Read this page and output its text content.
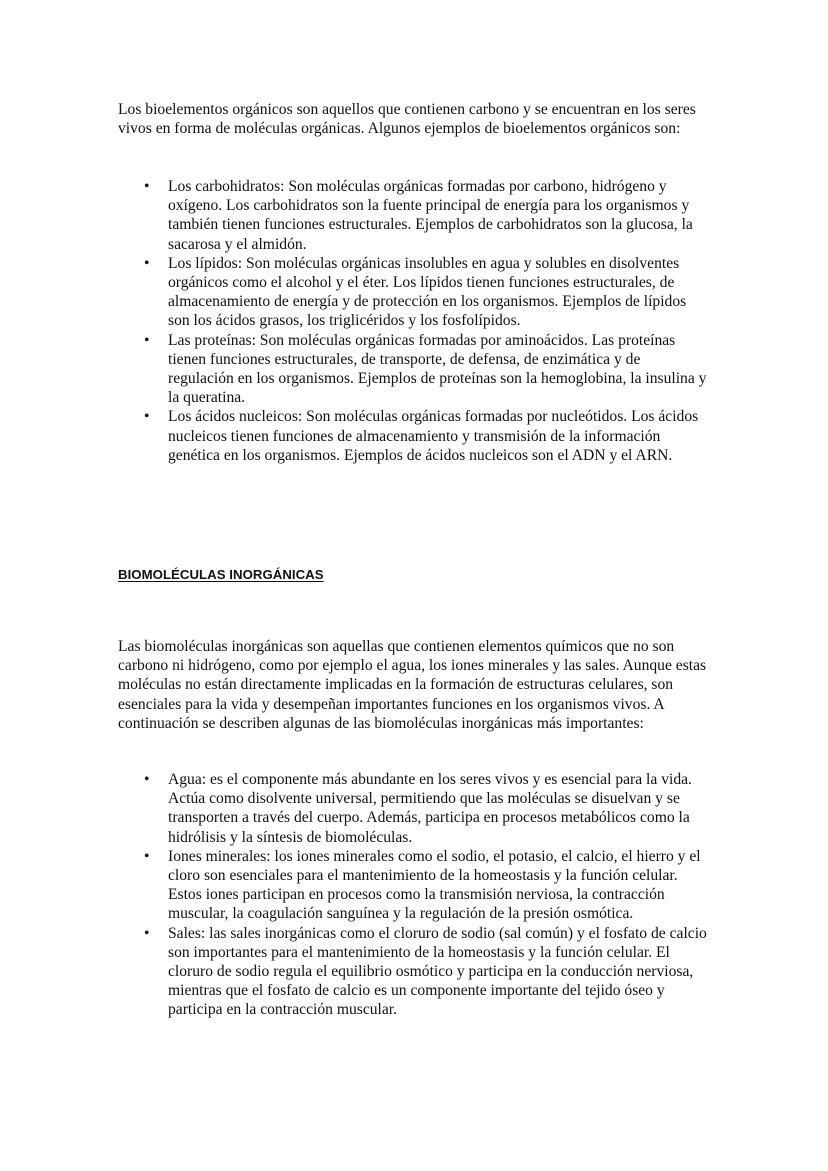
Los bioelementos orgánicos son aquellos que contienen carbono y se encuentran en los seres vivos en forma de moléculas orgánicas. Algunos ejemplos de bioelementos orgánicos son:

• Los carbohidratos: Son moléculas orgánicas formadas por carbono, hidrógeno y oxígeno. Los carbohidratos son la fuente principal de energía para los organismos y también tienen funciones estructurales. Ejemplos de carbohidratos son la glucosa, la sacarosa y el almidón.
• Los lípidos: Son moléculas orgánicas insolubles en agua y solubles en disolventes orgánicos como el alcohol y el éter. Los lípidos tienen funciones estructurales, de almacenamiento de energía y de protección en los organismos. Ejemplos de lípidos son los ácidos grasos, los triglicéridos y los fosfolípidos.
• Las proteínas: Son moléculas orgánicas formadas por aminoácidos. Las proteínas tienen funciones estructurales, de transporte, de defensa, de enzimática y de regulación en los organismos. Ejemplos de proteínas son la hemoglobina, la insulina y la queratina.
• Los ácidos nucleicos: Son moléculas orgánicas formadas por nucleótidos. Los ácidos nucleicos tienen funciones de almacenamiento y transmisión de la información genética en los organismos. Ejemplos de ácidos nucleicos son el ADN y el ARN.
BIOMOLÉCULAS INORGÁNICAS

Las biomoléculas inorgánicas son aquellas que contienen elementos químicos que no son carbono ni hidrógeno, como por ejemplo el agua, los iones minerales y las sales. Aunque estas moléculas no están directamente implicadas en la formación de estructuras celulares, son esenciales para la vida y desempeñan importantes funciones en los organismos vivos. A continuación se describen algunas de las biomoléculas inorgánicas más importantes:

• Agua: es el componente más abundante en los seres vivos y es esencial para la vida. Actúa como disolvente universal, permitiendo que las moléculas se disuelvan y se transporten a través del cuerpo. Además, participa en procesos metabólicos como la hidrólisis y la síntesis de biomoléculas.
• Iones minerales: los iones minerales como el sodio, el potasio, el calcio, el hierro y el cloro son esenciales para el mantenimiento de la homeostasis y la función celular. Estos iones participan en procesos como la transmisión nerviosa, la contracción muscular, la coagulación sanguínea y la regulación de la presión osmótica.
• Sales: las sales inorgánicas como el cloruro de sodio (sal común) y el fosfato de calcio son importantes para el mantenimiento de la homeostasis y la función celular. El cloruro de sodio regula el equilibrio osmótico y participa en la conducción nerviosa, mientras que el fosfato de calcio es un componente importante del tejido óseo y participa en la contracción muscular.
